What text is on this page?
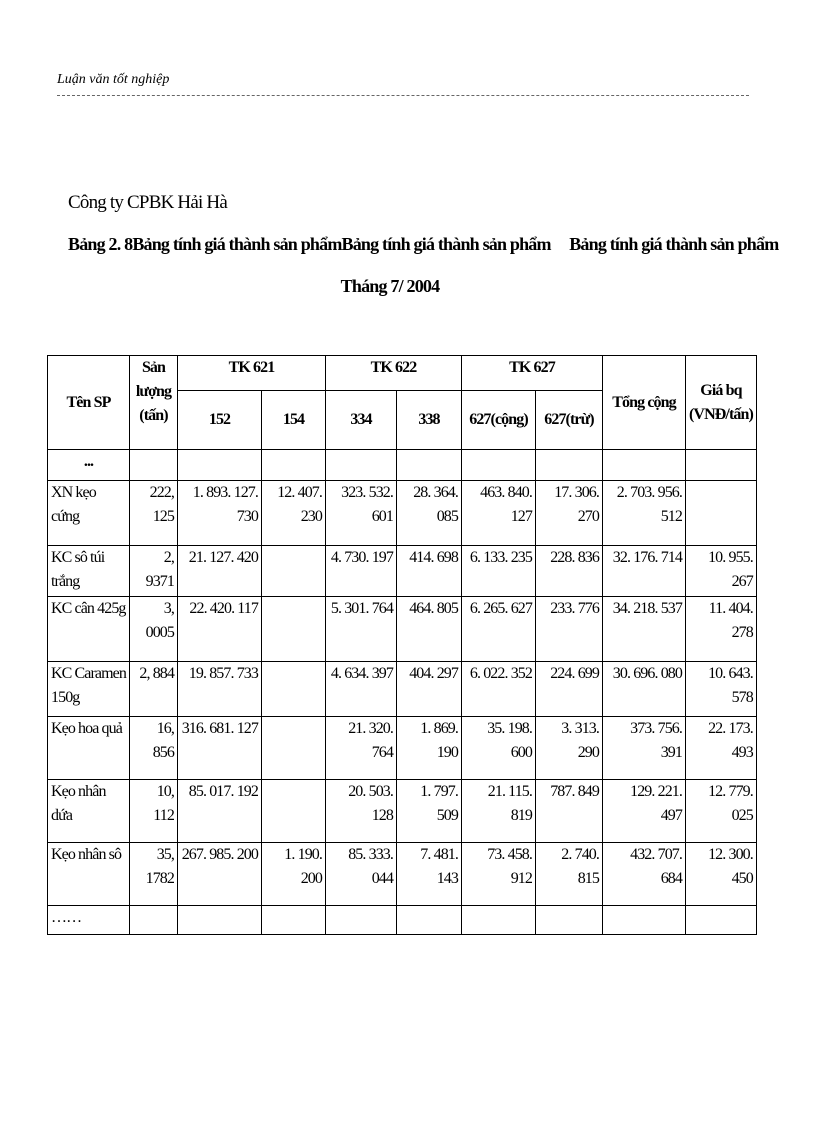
Luận văn tốt nghiệp
Công ty CPBK Hải Hà
Bảng 2. 8Bảng tính giá thành sản phẩmBảng tính giá thành sản phẩm Bảng tính giá thành sản phẩm
Tháng 7/ 2004
Tên SP	Sản lượng (tấn)	TK 621		TK 622		TK 627		Tổng cộng	Giá bq (VNĐ/tấn)
		152	154	334	338	627(cộng)	627(trừ)		
...									
XN kẹo cứng	222, 125	1. 893. 127. 730	12. 407. 230	323. 532. 601	28. 364. 085	463. 840. 127	17. 306. 270	2. 703. 956. 512	
KC sô túi trắng	2, 9371	21. 127. 420		4. 730. 197	414. 698	6. 133. 235	228. 836	32. 176. 714	10. 955. 267
KC cân 425g	3, 0005	22. 420. 117		5. 301. 764	464. 805	6. 265. 627	233. 776	34. 218. 537	11. 404. 278
KC Caramen 150g	2, 884	19. 857. 733		4. 634. 397	404. 297	6. 022. 352	224. 699	30. 696. 080	10. 643. 578
Kẹo hoa quả	16, 856	316. 681. 127		21. 320. 764	1. 869. 190	35. 198. 600	3. 313. 290	373. 756. 391	22. 173. 493
Kẹo nhân dứa	10, 112	85. 017. 192		20. 503. 128	1. 797. 509	21. 115. 819	787. 849	129. 221. 497	12. 779. 025
Kẹo nhân sô	35, 1782	267. 985. 200	1. 190. 200	85. 333. 044	7. 481. 143	73. 458. 912	2. 740. 815	432. 707. 684	12. 300. 450
……									
